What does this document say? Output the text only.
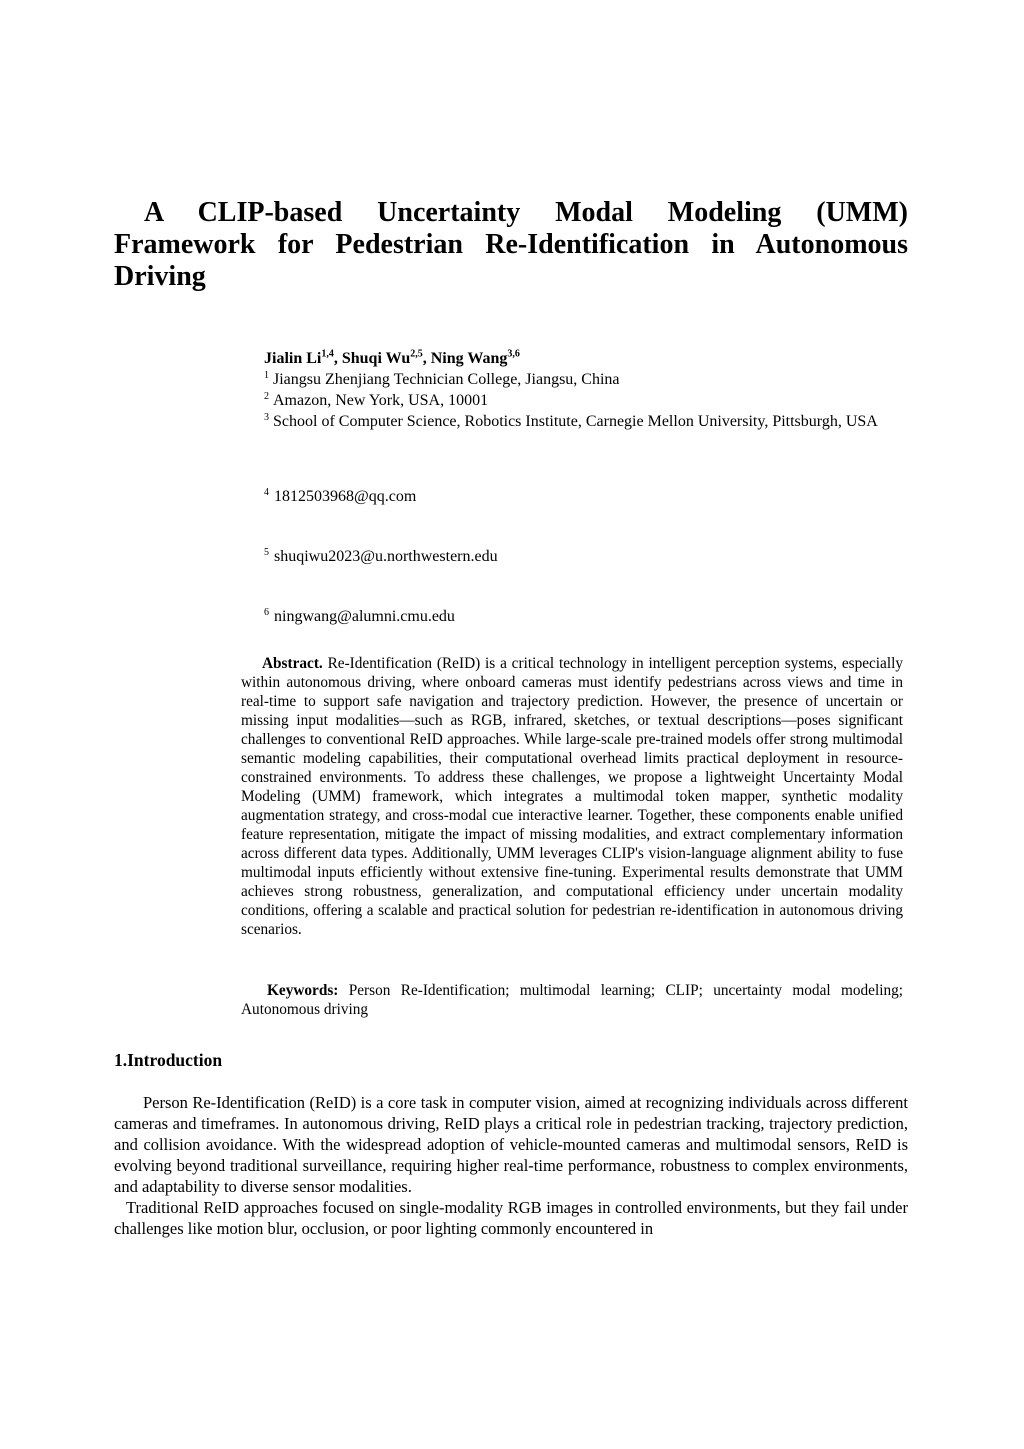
A CLIP-based Uncertainty Modal Modeling (UMM)
Framework for Pedestrian Re-Identification in Autonomous
Driving
Jialin Li$^{1,4}$, Shuqi Wu$^{2,5}$, Ning Wang$^{3,6}$
$^1$ Jiangsu Zhenjiang Technician College, Jiangsu, China
$^2$ Amazon, New York, USA, 10001
$^3$ School of Computer Science, Robotics Institute, Carnegie Mellon University, Pittsburgh, USA
$^4$ 1812503968@qq.com
$^5$ shuqiwu2023@u.northwestern.edu
$^6$ ningwang@alumni.cmu.edu
Abstract. Re-Identification (ReID) is a critical technology in intelligent perception systems, especially within autonomous driving, where onboard cameras must identify pedestrians across views and time in real-time to support safe navigation and trajectory prediction. However, the presence of uncertain or missing input modalities—such as RGB, infrared, sketches, or textual descriptions—poses significant challenges to conventional ReID approaches. While large-scale pre-trained models offer strong multimodal semantic modeling capabilities, their computational overhead limits practical deployment in resource-constrained environments. To address these challenges, we propose a lightweight Uncertainty Modal Modeling (UMM) framework, which integrates a multimodal token mapper, synthetic modality augmentation strategy, and cross-modal cue interactive learner. Together, these components enable unified feature representation, mitigate the impact of missing modalities, and extract complementary information across different data types. Additionally, UMM leverages CLIP's vision-language alignment ability to fuse multimodal inputs efficiently without extensive fine-tuning. Experimental results demonstrate that UMM achieves strong robustness, generalization, and computational efficiency under uncertain modality conditions, offering a scalable and practical solution for pedestrian re-identification in autonomous driving scenarios.
Keywords: Person Re-Identification; multimodal learning; CLIP; uncertainty modal modeling; Autonomous driving
1.Introduction
Person Re-Identification (ReID) is a core task in computer vision, aimed at recognizing individuals across different cameras and timeframes. In autonomous driving, ReID plays a critical role in pedestrian tracking, trajectory prediction, and collision avoidance. With the widespread adoption of vehicle-mounted cameras and multimodal sensors, ReID is evolving beyond traditional surveillance, requiring higher real-time performance, robustness to complex environments, and adaptability to diverse sensor modalities.
Traditional ReID approaches focused on single-modality RGB images in controlled environments, but they fail under challenges like motion blur, occlusion, or poor lighting commonly encountered in
